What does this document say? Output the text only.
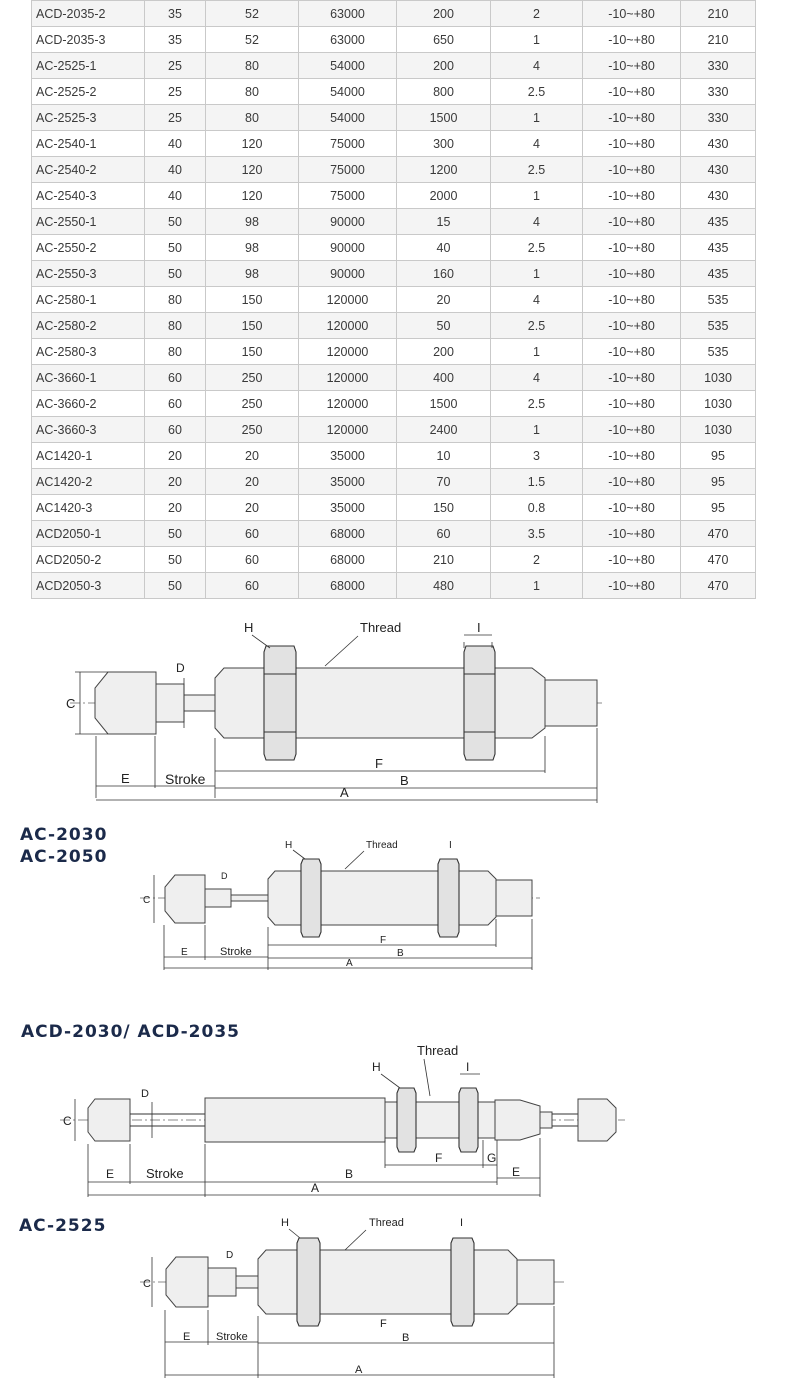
ACD-2035-2	35	52	63000	200	2	-10~+80	210
ACD-2035-3	35	52	63000	650	1	-10~+80	210
AC-2525-1	25	80	54000	200	4	-10~+80	330
AC-2525-2	25	80	54000	800	2.5	-10~+80	330
AC-2525-3	25	80	54000	1500	1	-10~+80	330
AC-2540-1	40	120	75000	300	4	-10~+80	430
AC-2540-2	40	120	75000	1200	2.5	-10~+80	430
AC-2540-3	40	120	75000	2000	1	-10~+80	430
AC-2550-1	50	98	90000	15	4	-10~+80	435
AC-2550-2	50	98	90000	40	2.5	-10~+80	435
AC-2550-3	50	98	90000	160	1	-10~+80	435
AC-2580-1	80	150	120000	20	4	-10~+80	535
AC-2580-2	80	150	120000	50	2.5	-10~+80	535
AC-2580-3	80	150	120000	200	1	-10~+80	535
AC-3660-1	60	250	120000	400	4	-10~+80	1030
AC-3660-2	60	250	120000	1500	2.5	-10~+80	1030
AC-3660-3	60	250	120000	2400	1	-10~+80	1030
AC1420-1	20	20	35000	10	3	-10~+80	95
AC1420-2	20	20	35000	70	1.5	-10~+80	95
AC1420-3	20	20	35000	150	0.8	-10~+80	95
ACD2050-1	50	60	68000	60	3.5	-10~+80	470
ACD2050-2	50	60	68000	210	2	-10~+80	470
ACD2050-3	50	60	68000	480	1	-10~+80	470
H	Thread	I
C
D
E	Stroke
F
B
A
AC-2030
AC-2050
H	Thread	I
C
D
E	Stroke
F
B
A
ACD-2030/ ACD-2035
H
Thread
I
C
D
E Stroke
F	G
E
B
A
AC-2525	H	Thread	I
C
D
E Stroke
F
B
A
